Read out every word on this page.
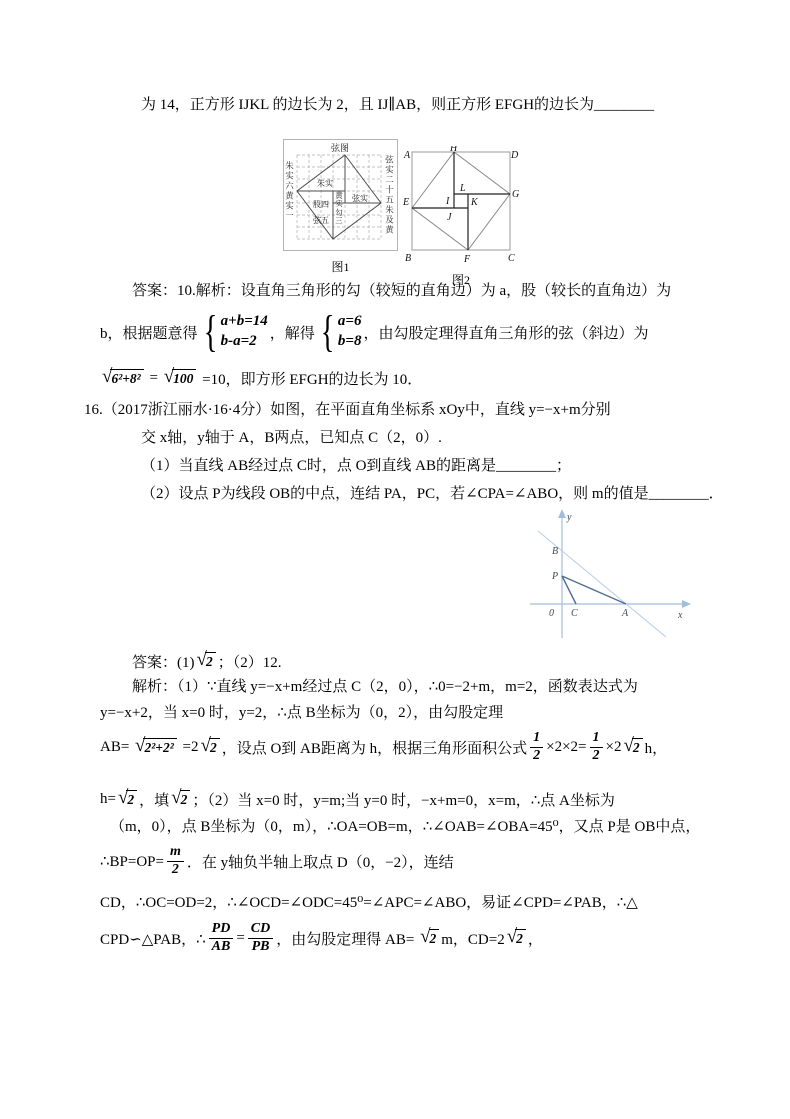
为 14，正方形 IJKL 的边长为 2，且 IJ∥AB，则正方形 EFGH的边长为________
弦图
朱实
黄
实
弦实
股四
勾
三
弦五
朱实六黄实一	弦实二十五朱及黄
图1
A
H
D
E
G
I
L
J
K
B	F	C
图2
答案：10.解析：设直角三角形的勾（较短的直角边）为 a，股（较长的直角边）为
b，根据题意得 { a+b=14
b-a=2 ，解得 { a=6
b=8 ，由勾股定理得直角三角形的弦（斜边）为
√ 6²+8² = √ 100 =10，即方形 EFGH的边长为 10．
16.（2017浙江丽水·16·4分）如图，在平面直角坐标系 xOy中，直线 y=−x+m分别
交 x轴，y轴于 A，B两点，已知点 C（2，0）.
（1）当直线 AB经过点 C时，点 O到直线 AB的距离是________；
（2）设点 P为线段 OB的中点，连结 PA，PC，若∠CPA=∠ABO，则 m的值是________．
y
x
B
P
0 C	A
答案：(1) √ 2 ；（2）12.
解析：（1）∵直线 y=−x+m经过点 C（2，0），∴0=−2+m，m=2，函数表达式为
y=−x+2，当 x=0 时，y=2，∴点 B坐标为（0，2），由勾股定理
AB= √ 2²+2² =2 √ 2 ，设点 O到 AB距离为 h，根据三角形面积公式 $\frac{1}{2} \times 2\times 2= \frac{1}{2} \times 2$ √ 2 h，
h= √ 2 ，填 √ 2 ；（2）当 x=0 时，y=m;当 y=0 时，−x+m=0，x=m，∴点 A坐标为
（m，0），点 B坐标为（0，m），∴OA=OB=m，∴∠OAB=∠OBA=45⁰，又点 P是 OB中点，
∴BP=OP= $\frac{m}{2}$ ．在 y轴负半轴上取点 D（0，−2），连结
CD，∴OC=OD=2，∴∠OCD=∠ODC=45⁰=∠APC=∠ABO，易证∠CPD=∠PAB，∴△
CPD∽△PAB，∴ $\frac{PD}{AB} = \frac{CD}{PB}$ ，由勾股定理得 AB= √ 2 m，CD=2 √ 2 ，
